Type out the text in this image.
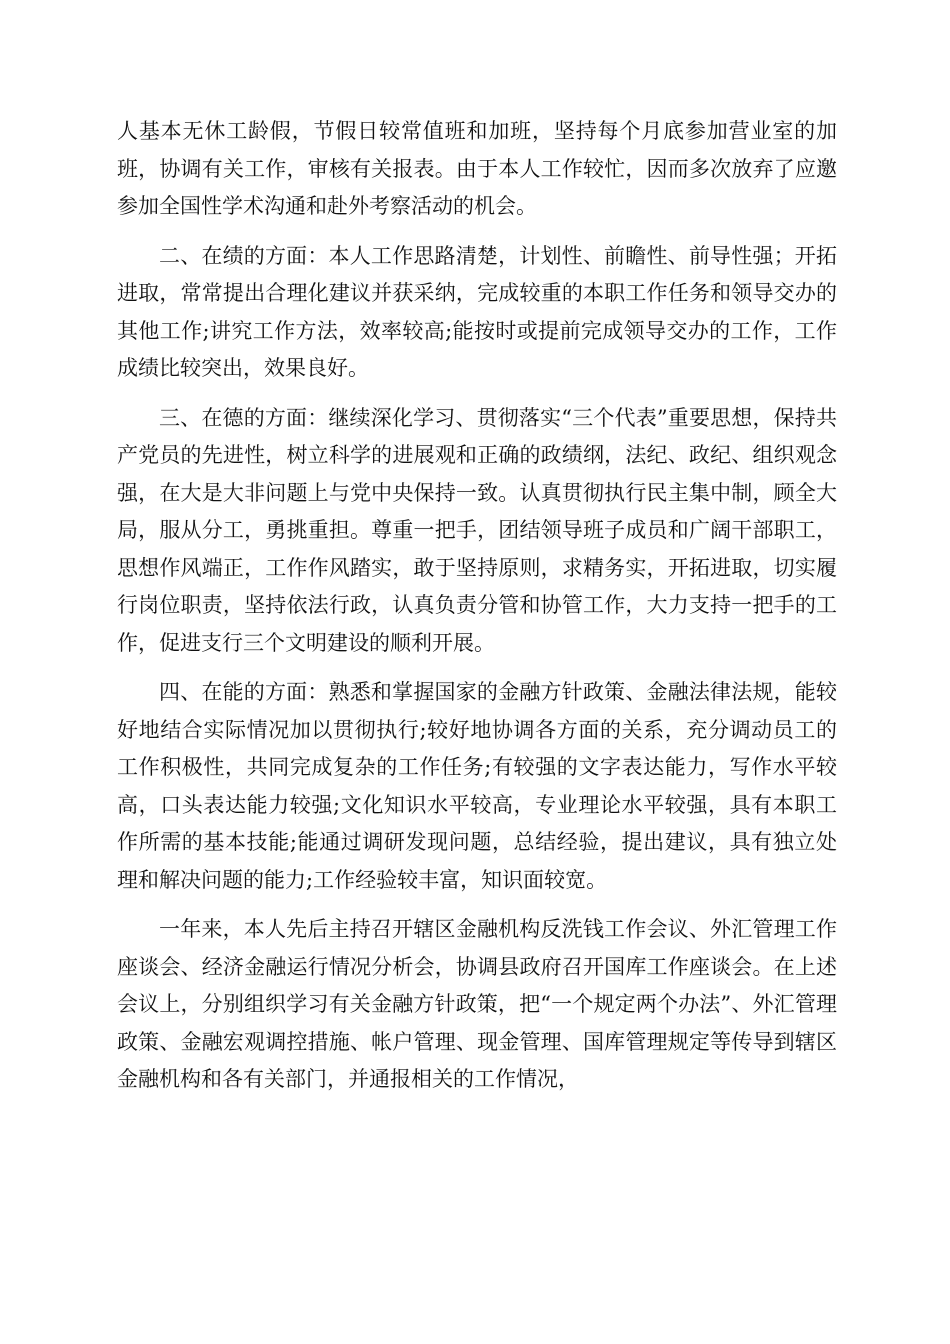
人基本无休工龄假，节假日较常值班和加班，坚持每个月底参加营业室的加班，协调有关工作，审核有关报表。由于本人工作较忙，因而多次放弃了应邀参加全国性学术沟通和赴外考察活动的机会。

二、在绩的方面：本人工作思路清楚，计划性、前瞻性、前导性强；开拓进取，常常提出合理化建议并获采纳，完成较重的本职工作任务和领导交办的其他工作;讲究工作方法，效率较高;能按时或提前完成领导交办的工作，工作成绩比较突出，效果良好。

三、在德的方面：继续深化学习、贯彻落实“三个代表”重要思想，保持共产党员的先进性，树立科学的进展观和正确的政绩纲，法纪、政纪、组织观念强，在大是大非问题上与党中央保持一致。认真贯彻执行民主集中制，顾全大局，服从分工，勇挑重担。尊重一把手，团结领导班子成员和广阔干部职工，思想作风端正，工作作风踏实，敢于坚持原则，求精务实，开拓进取，切实履行岗位职责，坚持依法行政，认真负责分管和协管工作，大力支持一把手的工作，促进支行三个文明建设的顺利开展。

四、在能的方面：熟悉和掌握国家的金融方针政策、金融法律法规，能较好地结合实际情况加以贯彻执行;较好地协调各方面的关系，充分调动员工的工作积极性，共同完成复杂的工作任务;有较强的文字表达能力，写作水平较高，口头表达能力较强;文化知识水平较高，专业理论水平较强，具有本职工作所需的基本技能;能通过调研发现问题，总结经验，提出建议，具有独立处理和解决问题的能力;工作经验较丰富，知识面较宽。

一年来，本人先后主持召开辖区金融机构反洗钱工作会议、外汇管理工作座谈会、经济金融运行情况分析会，协调县政府召开国库工作座谈会。在上述会议上，分别组织学习有关金融方针政策，把“一个规定两个办法”、外汇管理政策、金融宏观调控措施、帐户管理、现金管理、国库管理规定等传导到辖区金融机构和各有关部门，并通报相关的工作情况，
